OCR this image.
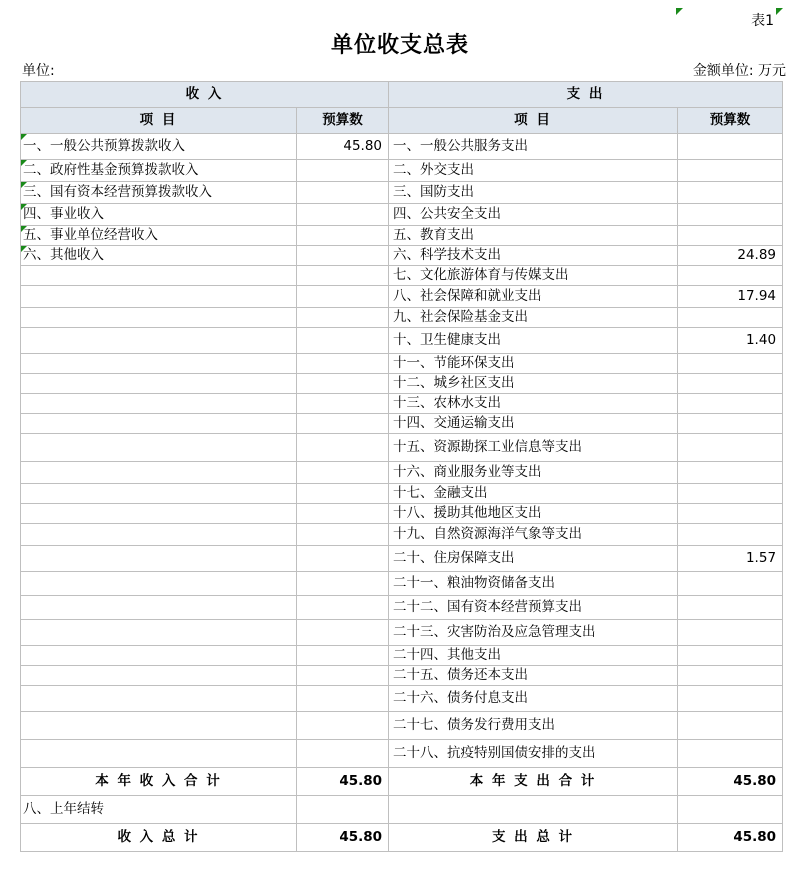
表1
单位收支总表
单位:	金额单位: 万元
收 入		支 出	
项 目	预算数	项 目	预算数
一、一般公共预算拨款收入	45.80	一、一般公共服务支出	
二、政府性基金预算拨款收入		二、外交支出	
三、国有资本经营预算拨款收入		三、国防支出	
四、事业收入		四、公共安全支出	
五、事业单位经营收入		五、教育支出	
六、其他收入		六、科学技术支出	24.89
		七、文化旅游体育与传媒支出	
		八、社会保障和就业支出	17.94
		九、社会保险基金支出	
		十、卫生健康支出	1.40
		十一、节能环保支出	
		十二、城乡社区支出	
		十三、农林水支出	
		十四、交通运输支出	
		十五、资源勘探工业信息等支出	
		十六、商业服务业等支出	
		十七、金融支出	
		十八、援助其他地区支出	
		十九、自然资源海洋气象等支出	
		二十、住房保障支出	1.57
		二十一、粮油物资储备支出	
		二十二、国有资本经营预算支出	
		二十三、灾害防治及应急管理支出	
		二十四、其他支出	
		二十五、债务还本支出	
		二十六、债务付息支出	
		二十七、债务发行费用支出	
		二十八、抗疫特别国债安排的支出	
本 年 收 入 合 计	45.80	本 年 支 出 合 计	45.80
八、上年结转			
收 入 总 计	45.80	支 出 总 计	45.80
